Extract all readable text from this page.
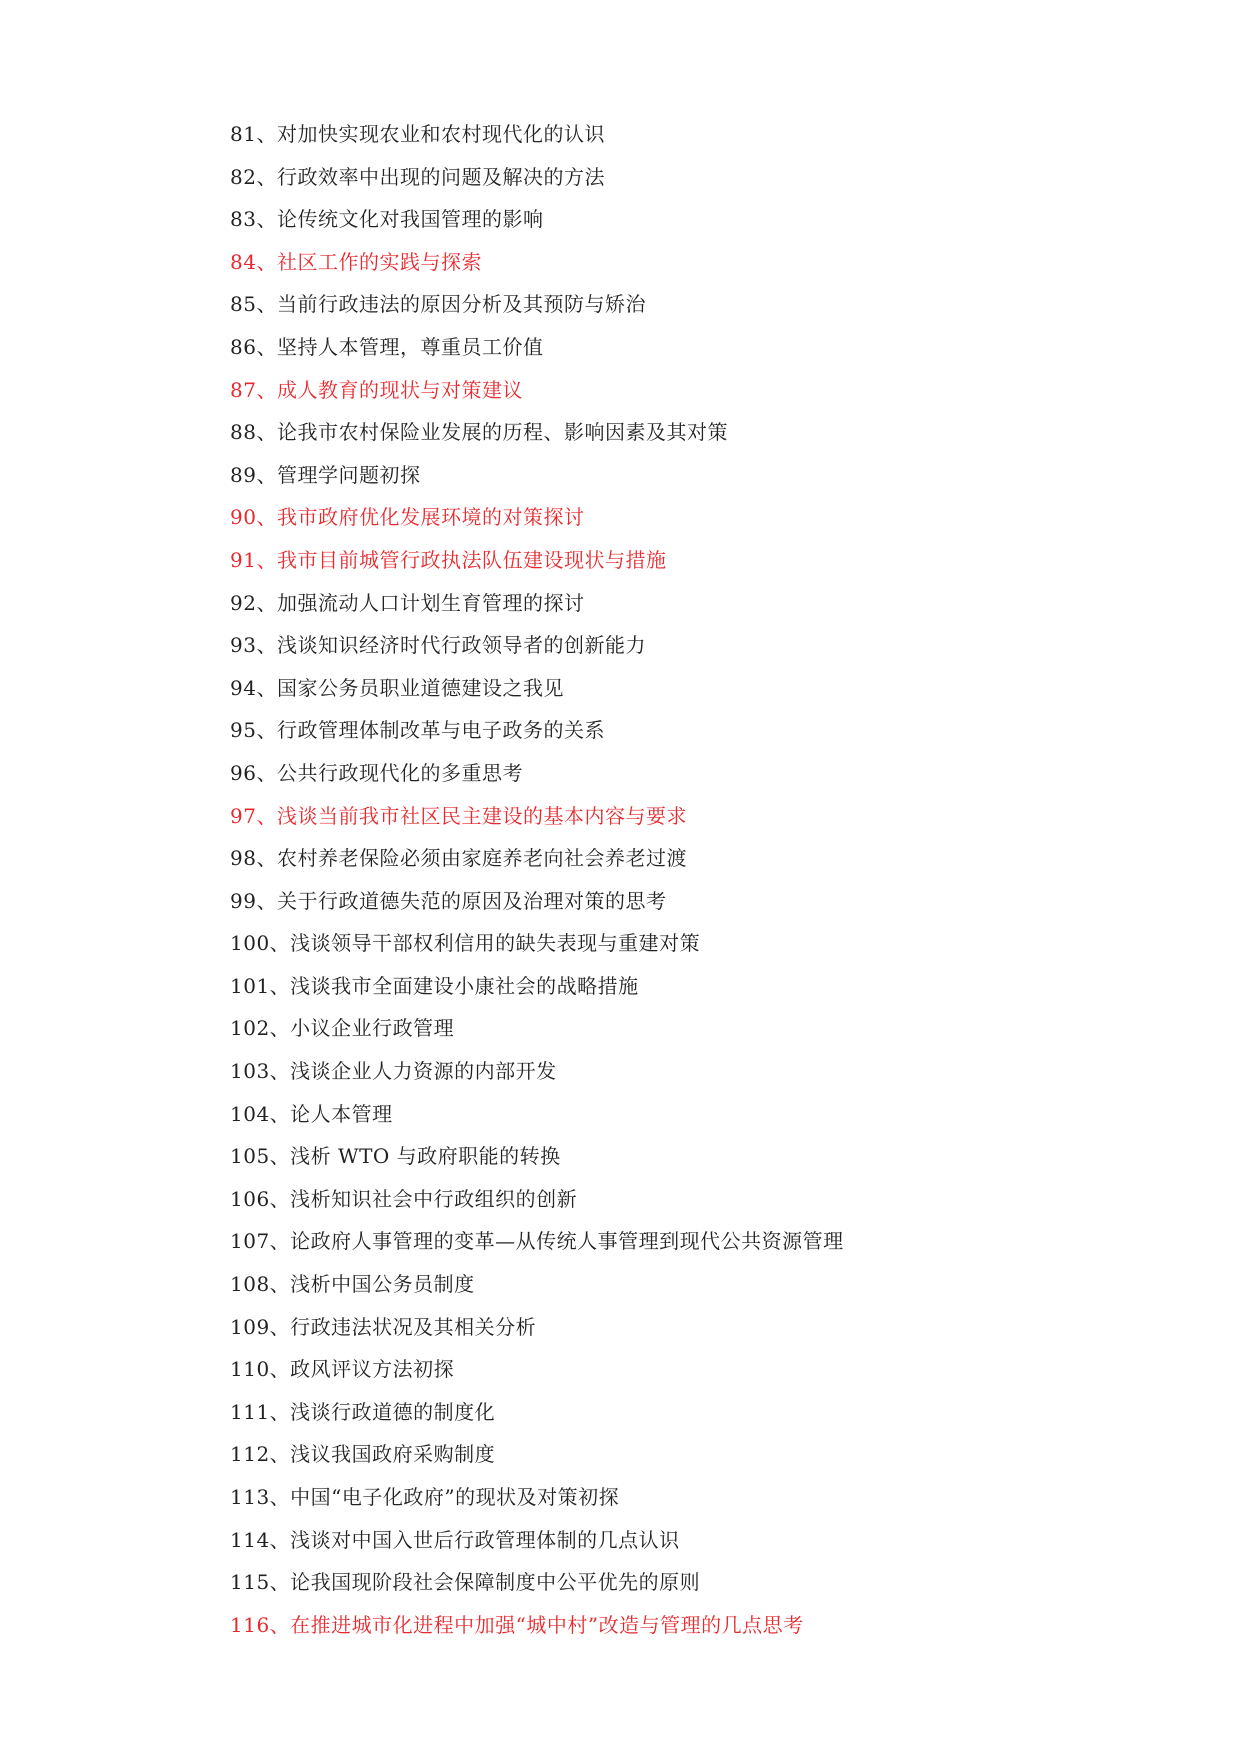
81、对加快实现农业和农村现代化的认识
82、行政效率中出现的问题及解决的方法
83、论传统文化对我国管理的影响
84、社区工作的实践与探索
85、当前行政违法的原因分析及其预防与矫治
86、坚持人本管理，尊重员工价值
87、成人教育的现状与对策建议
88、论我市农村保险业发展的历程、影响因素及其对策
89、管理学问题初探
90、我市政府优化发展环境的对策探讨
91、我市目前城管行政执法队伍建设现状与措施
92、加强流动人口计划生育管理的探讨
93、浅谈知识经济时代行政领导者的创新能力
94、国家公务员职业道德建设之我见
95、行政管理体制改革与电子政务的关系
96、公共行政现代化的多重思考
97、浅谈当前我市社区民主建设的基本内容与要求
98、农村养老保险必须由家庭养老向社会养老过渡
99、关于行政道德失范的原因及治理对策的思考
100、浅谈领导干部权利信用的缺失表现与重建对策
101、浅谈我市全面建设小康社会的战略措施
102、小议企业行政管理
103、浅谈企业人力资源的内部开发
104、论人本管理
105、浅析 WTO 与政府职能的转换
106、浅析知识社会中行政组织的创新
107、论政府人事管理的变革—从传统人事管理到现代公共资源管理
108、浅析中国公务员制度
109、行政违法状况及其相关分析
110、政风评议方法初探
111、浅谈行政道德的制度化
112、浅议我国政府采购制度
113、中国“电子化政府”的现状及对策初探
114、浅谈对中国入世后行政管理体制的几点认识
115、论我国现阶段社会保障制度中公平优先的原则
116、在推进城市化进程中加强“城中村”改造与管理的几点思考
